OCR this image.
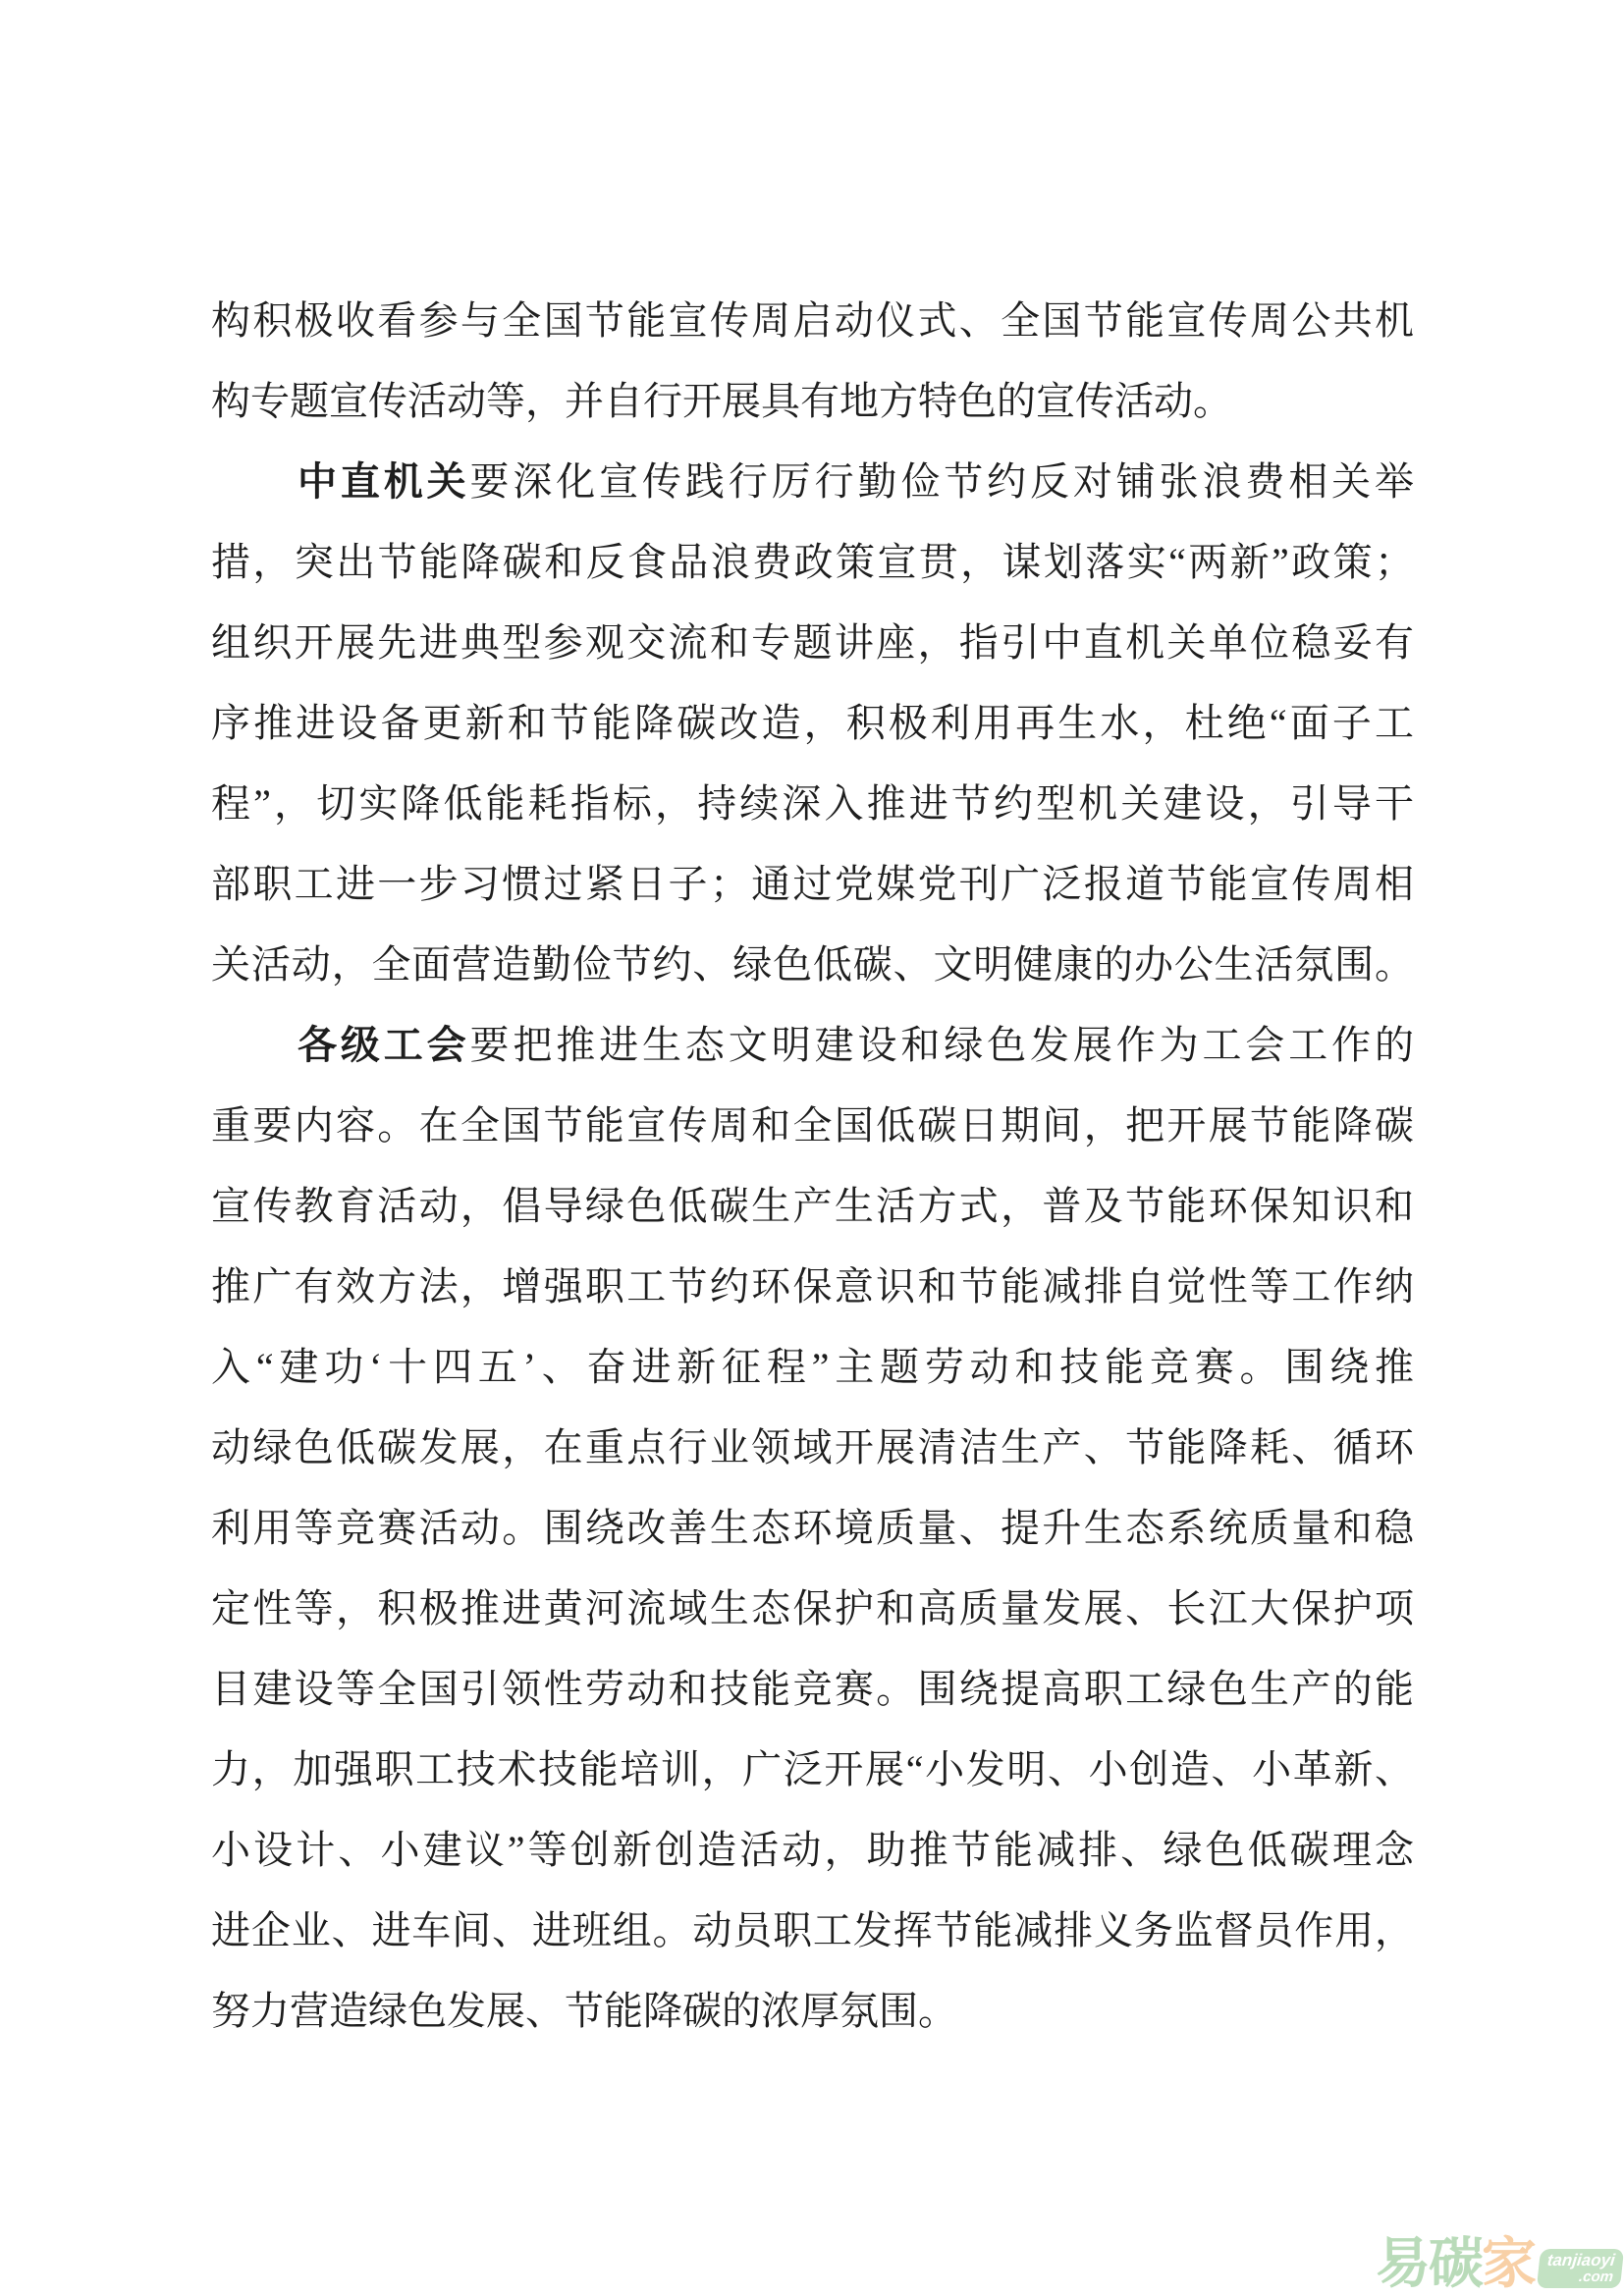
构积极收看参与全国节能宣传周启动仪式、全国节能宣传周公共机
构专题宣传活动等，并自行开展具有地方特色的宣传活动。
中直机关要深化宣传践行厉行勤俭节约反对铺张浪费相关举
措，突出节能降碳和反食品浪费政策宣贯，谋划落实“两新”政策；
组织开展先进典型参观交流和专题讲座，指引中直机关单位稳妥有
序推进设备更新和节能降碳改造，积极利用再生水，杜绝“面子工
程”，切实降低能耗指标，持续深入推进节约型机关建设，引导干
部职工进一步习惯过紧日子；通过党媒党刊广泛报道节能宣传周相
关活动，全面营造勤俭节约、绿色低碳、文明健康的办公生活氛围。
各级工会要把推进生态文明建设和绿色发展作为工会工作的
重要内容。在全国节能宣传周和全国低碳日期间，把开展节能降碳
宣传教育活动，倡导绿色低碳生产生活方式，普及节能环保知识和
推广有效方法，增强职工节约环保意识和节能减排自觉性等工作纳
入“建功‘十四五’、奋进新征程”主题劳动和技能竞赛。围绕推
动绿色低碳发展，在重点行业领域开展清洁生产、节能降耗、循环
利用等竞赛活动。围绕改善生态环境质量、提升生态系统质量和稳
定性等，积极推进黄河流域生态保护和高质量发展、长江大保护项
目建设等全国引领性劳动和技能竞赛。围绕提高职工绿色生产的能
力，加强职工技术技能培训，广泛开展“小发明、小创造、小革新、
小设计、小建议”等创新创造活动，助推节能减排、绿色低碳理念
进企业、进车间、进班组。动员职工发挥节能减排义务监督员作用，
努力营造绿色发展、节能降碳的浓厚氛围。
易 碳 家 tanjiaoyi
.com
